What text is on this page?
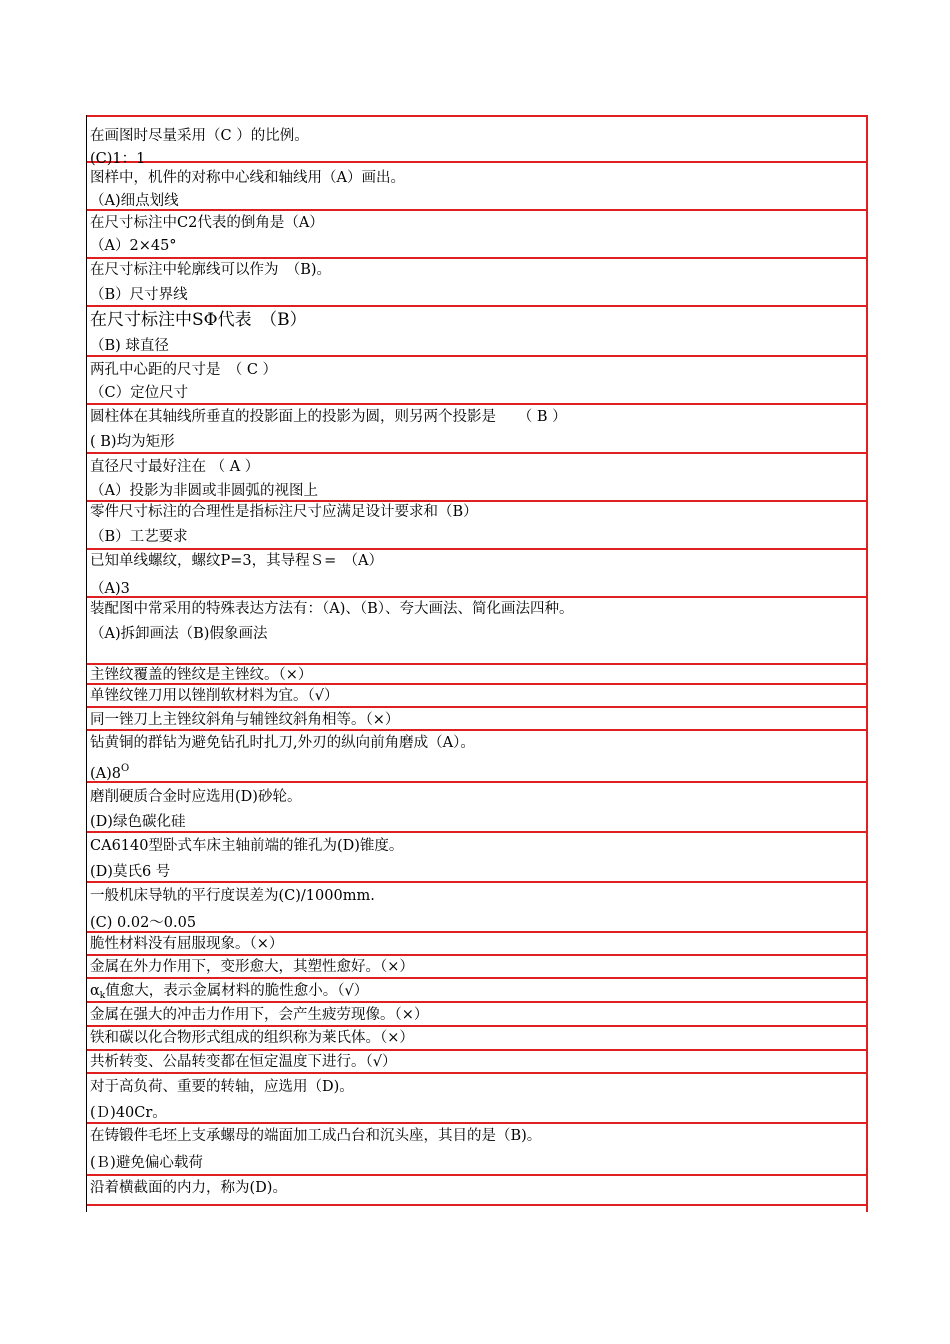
在画图时尽量采用（C ）的比例。
(C)1：1
图样中，机件的对称中心线和轴线用（A）画出。
（A)细点划线
在尺寸标注中C2代表的倒角是（A）
（A）2×45°
在尺寸标注中轮廓线可以作为　（B)。
（B）尺寸界线
在尺寸标注中SΦ代表　（B）
（B) 球直径
两孔中心距的尺寸是　（ C ）
（C）定位尺寸
圆柱体在其轴线所垂直的投影面上的投影为圆，则另两个投影是　　（ B ）
( B)均为矩形
直径尺寸最好注在 （ A ）
（A）投影为非圆或非圆弧的视图上
零件尺寸标注的合理性是指标注尺寸应满足设计要求和（B）
（B）工艺要求
已知单线螺纹，螺纹P=3，其导程Ｓ=　（A）
（A)3
装配图中常采用的特殊表达方法有：（A)、（B）、夸大画法、简化画法四种。
（A)拆卸画法（B)假象画法
主锉纹覆盖的锉纹是主锉纹。（×）
单锉纹锉刀用以锉削软材料为宜。（√）
同一锉刀上主锉纹斜角与辅锉纹斜角相等。（×）
钻黄铜的群钻为避免钻孔时扎刀,外刃的纵向前角磨成（A）。
$(A)8^O$
磨削硬质合金时应选用(D)砂轮。
(D)绿色碳化硅
CA6140型卧式车床主轴前端的锥孔为(D)锥度。
(D)莫氏6 号
一般机床导轨的平行度误差为(C)/1000mm.
(C) 0.02～0.05
脆性材料没有屈服现象。（×）
金属在外力作用下，变形愈大，其塑性愈好。（×）
$\alpha_k$值愈大，表示金属材料的脆性愈小。（√）
金属在强大的冲击力作用下，会产生疲劳现像。（×）
铁和碳以化合物形式组成的组织称为莱氏体。（×）
共析转变、公晶转变都在恒定温度下进行。（√）
对于高负荷、重要的转轴，应选用（D)。
(Ｄ)40Cr。
在铸锻件毛坯上支承螺母的端面加工成凸台和沉头座，其目的是（B)。
(Ｂ)避免偏心载荷
沿着横截面的内力，称为(D)。
